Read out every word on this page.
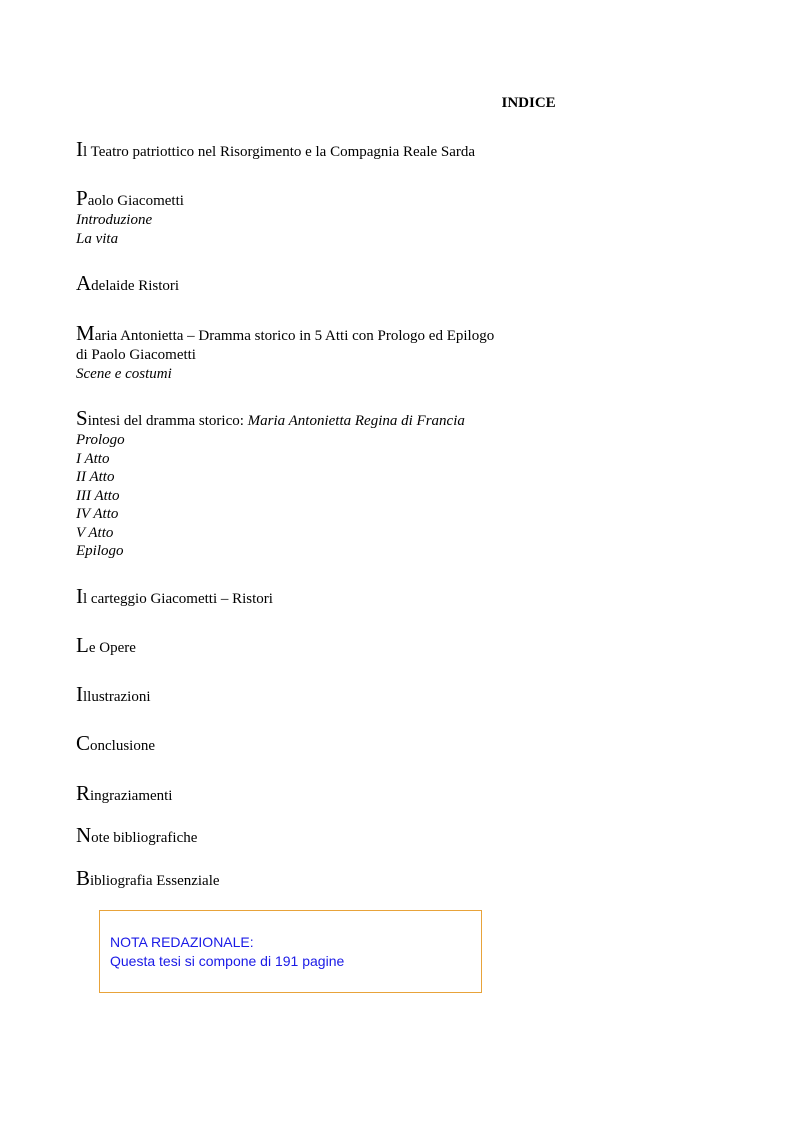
INDICE
Il Teatro patriottico nel Risorgimento e la Compagnia Reale Sarda
Paolo Giacometti
Introduzione
La vita
Adelaide Ristori
Maria Antonietta – Dramma storico in 5 Atti con Prologo ed Epilogo
di Paolo Giacometti
Scene e costumi
Sintesi del dramma storico: Maria Antonietta Regina di Francia
Prologo
I Atto
II Atto
III Atto
IV Atto
V Atto
Epilogo
Il carteggio Giacometti – Ristori
Le Opere
Illustrazioni
Conclusione
Ringraziamenti
Note bibliografiche
Bibliografia Essenziale
NOTA REDAZIONALE:
Questa tesi si compone di 191 pagine
